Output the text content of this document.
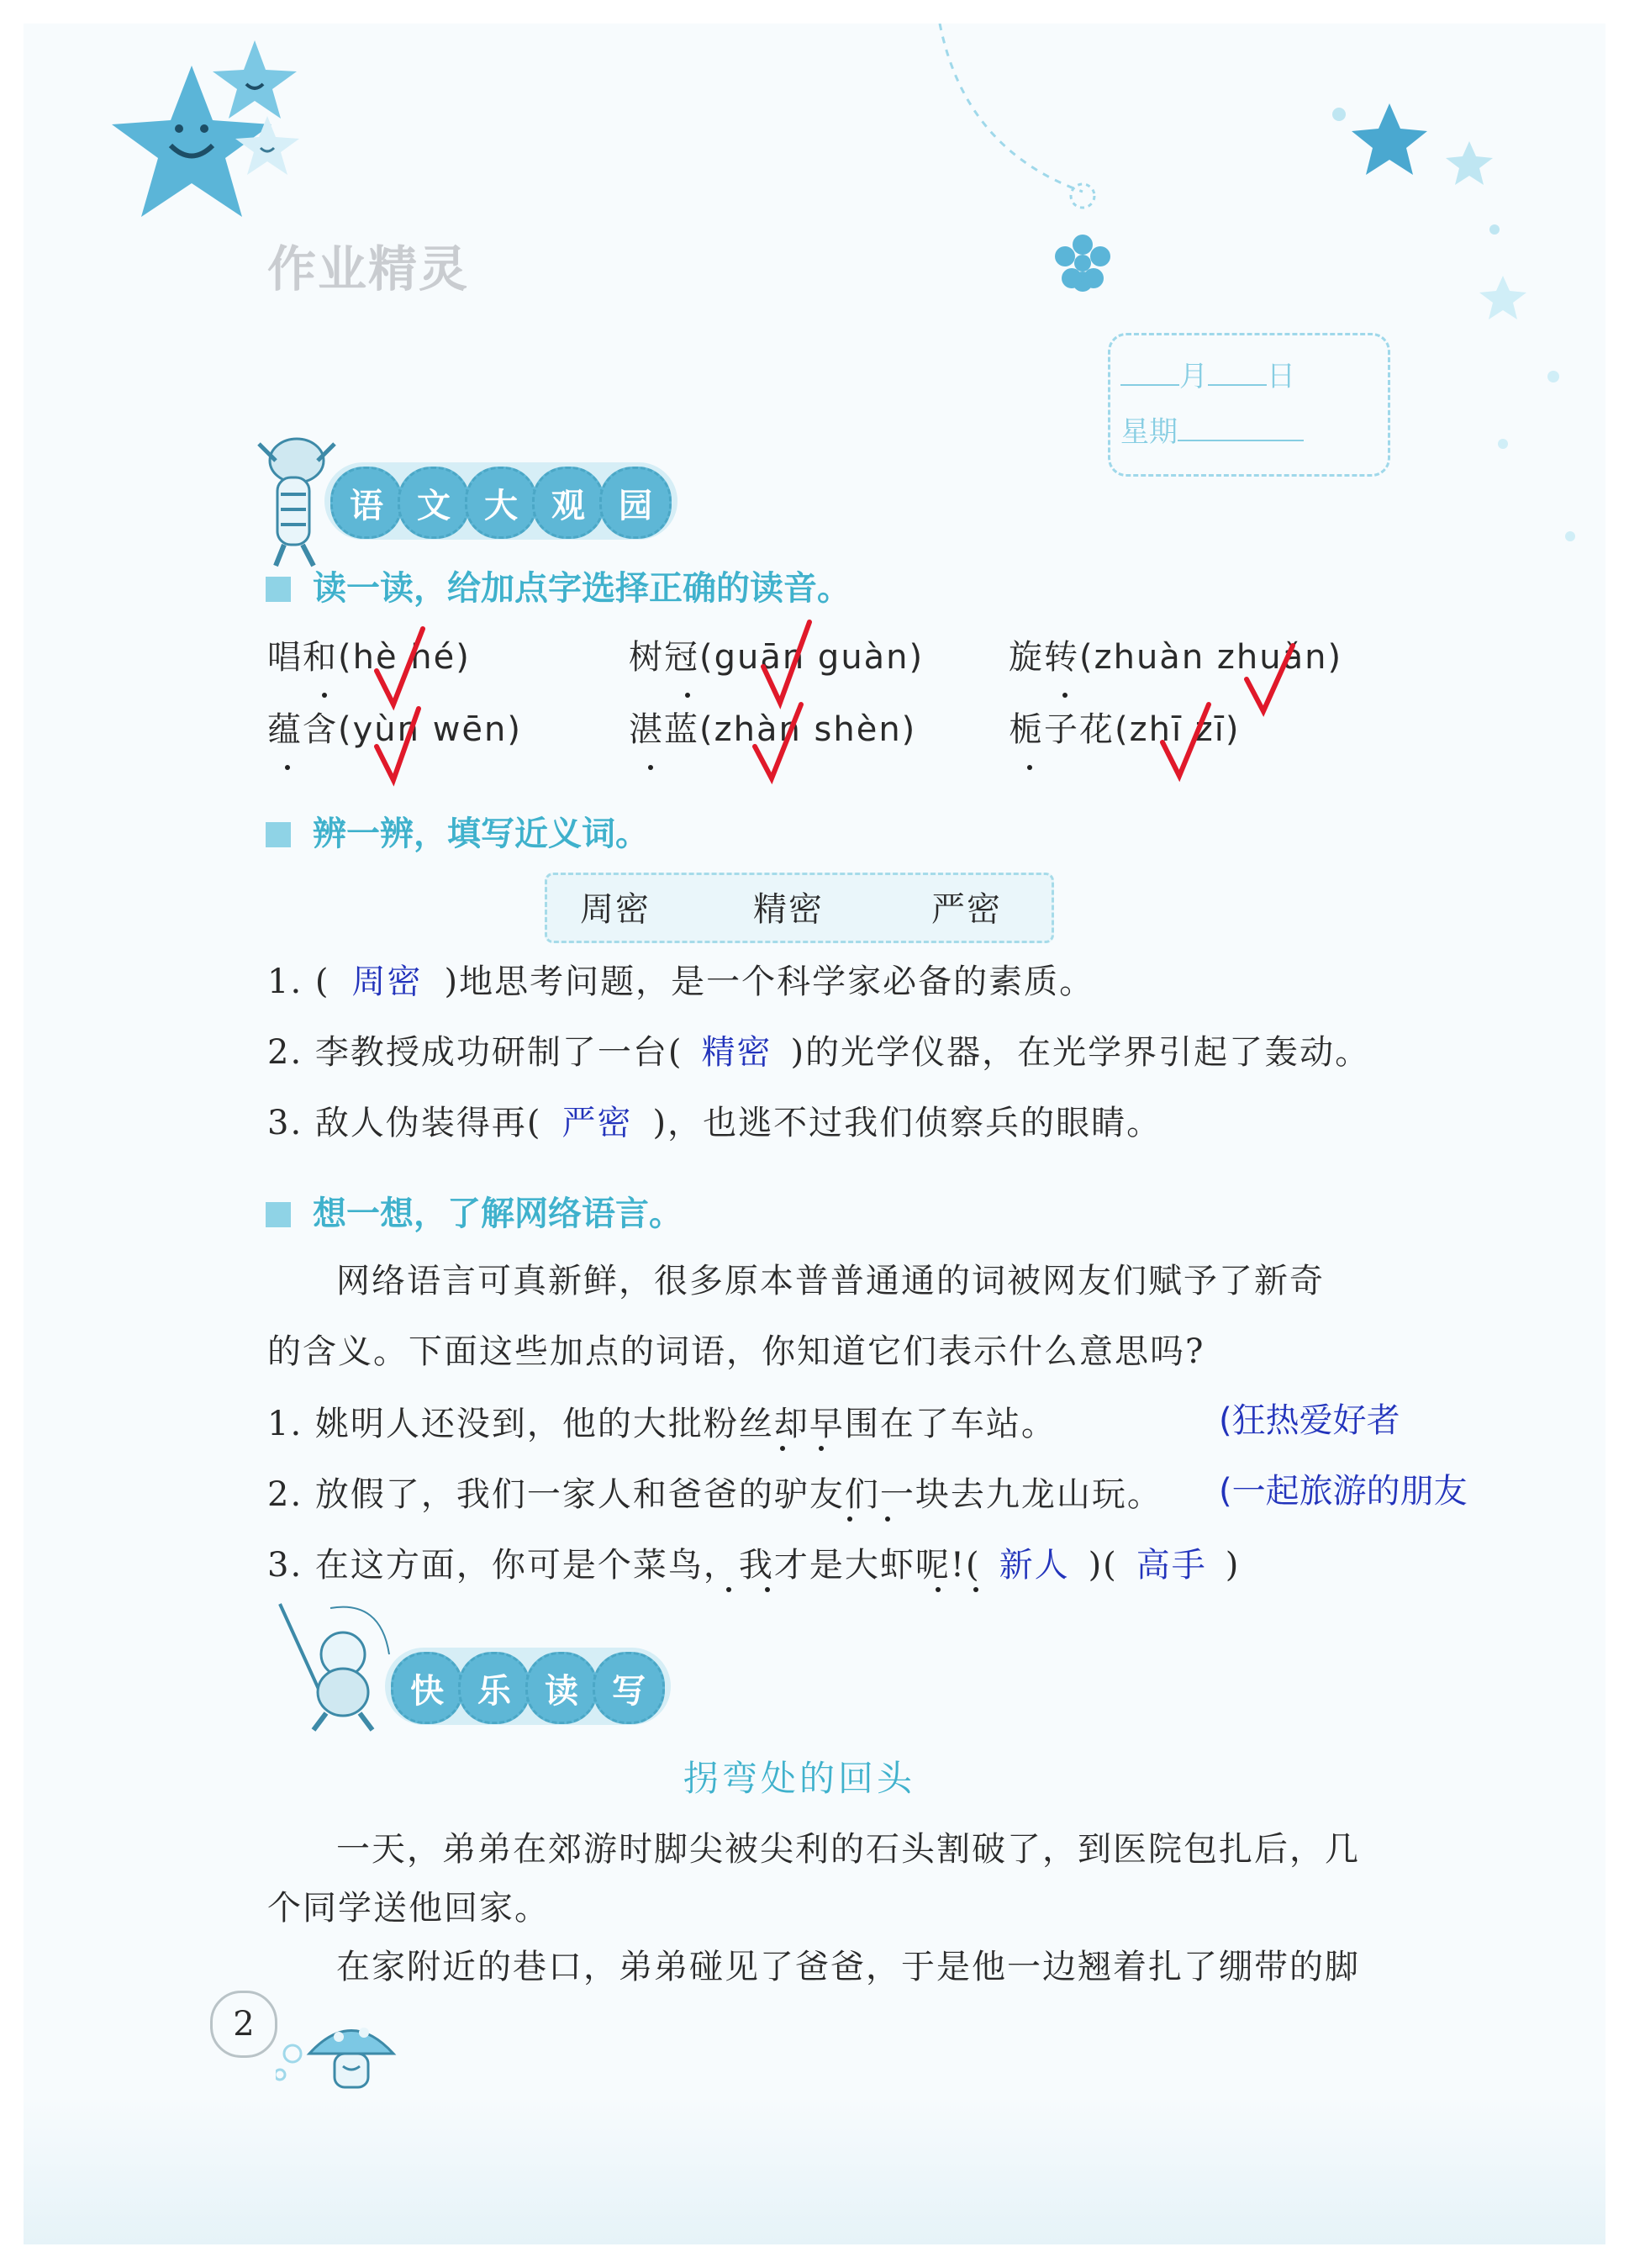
作业精灵
月 日
星期
语	文	大	观	园
读一读，给加点字选择正确的读音。
唱和(hè hé)	树冠(guān guàn)	旋转(zhuàn zhuǎn)
蕴含(yùn wēn)	湛蓝(zhàn shèn)	栀子花(zhī zī)
辨一辨，填写近义词。
周密	精密	严密
1. ( 周密 )地思考问题，是一个科学家必备的素质。
2. 李教授成功研制了一台( 精密 )的光学仪器，在光学界引起了轰动。
3. 敌人伪装得再( 严密 )，也逃不过我们侦察兵的眼睛。
想一想，了解网络语言。
网络语言可真新鲜，很多原本普普通通的词被网友们赋予了新奇
的含义。下面这些加点的词语，你知道它们表示什么意思吗?
1. 姚明人还没到，他的大批粉丝却早围在了车站。	(狂热爱好者
2. 放假了，我们一家人和爸爸的驴友们一块去九龙山玩。 (一起旅游的朋友
3. 在这方面，你可是个菜鸟，我才是大虾呢!( 新人 )( 高手 )
快	乐	读	写
拐弯处的回头
一天，弟弟在郊游时脚尖被尖利的石头割破了，到医院包扎后，几
个同学送他回家。
在家附近的巷口，弟弟碰见了爸爸，于是他一边翘着扎了绷带的脚
2
